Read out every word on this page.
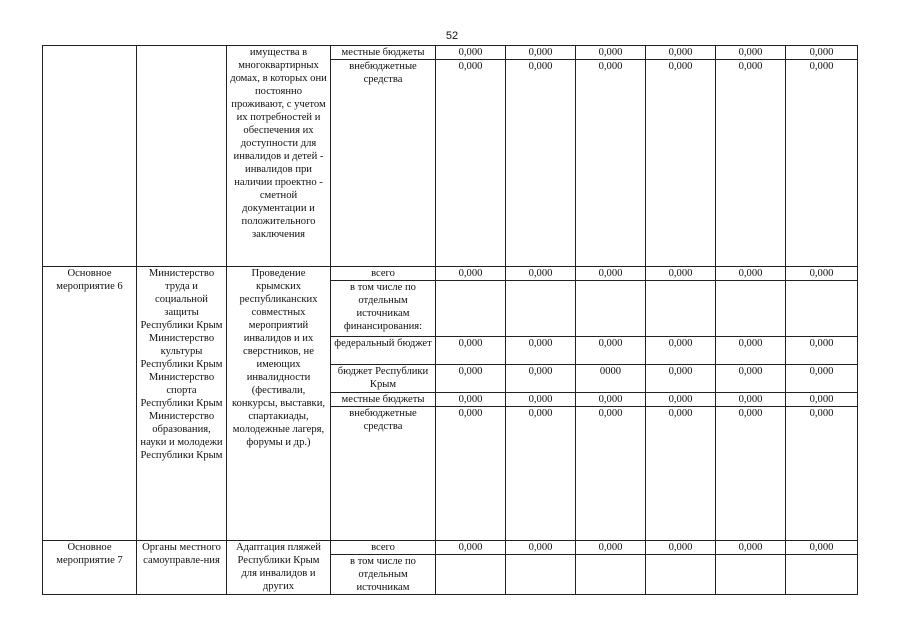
52
		имущества в многоквартирных домах, в которых они постоянно проживают, с учетом их потребностей и обеспечения их доступности для инвалидов и детей - инвалидов при наличии проектно - сметной документации и положительного заключения	местные бюджеты	0,000	0,000	0,000	0,000	0,000	0,000
			внебюджетные средства	0,000	0,000	0,000	0,000	0,000	0,000
Основное мероприятие 6	Министерство труда и социальной защиты Республики Крым Министерство культуры Республики Крым Министерство спорта Республики Крым Министерство образования, науки и молодежи Республики Крым	Проведение крымских республиканских совместных мероприятий инвалидов и их сверстников, не имеющих инвалидности (фестивали, конкурсы, выставки, спартакиады, молодежные лагеря, форумы и др.)	всего	0,000	0,000	0,000	0,000	0,000	0,000
			в том числе по отдельным источникам финансирования:						
			федеральный бюджет	0,000	0,000	0,000	0,000	0,000	0,000
			бюджет Республики Крым	0,000	0,000	0000	0,000	0,000	0,000
			местные бюджеты	0,000	0,000	0,000	0,000	0,000	0,000
			внебюджетные средства	0,000	0,000	0,000	0,000	0,000	0,000
Основное мероприятие 7	Органы местного самоуправле-ния	Адаптация пляжей Республики Крым для инвалидов и других	всего	0,000	0,000	0,000	0,000	0,000	0,000
			в том числе по отдельным источникам						
